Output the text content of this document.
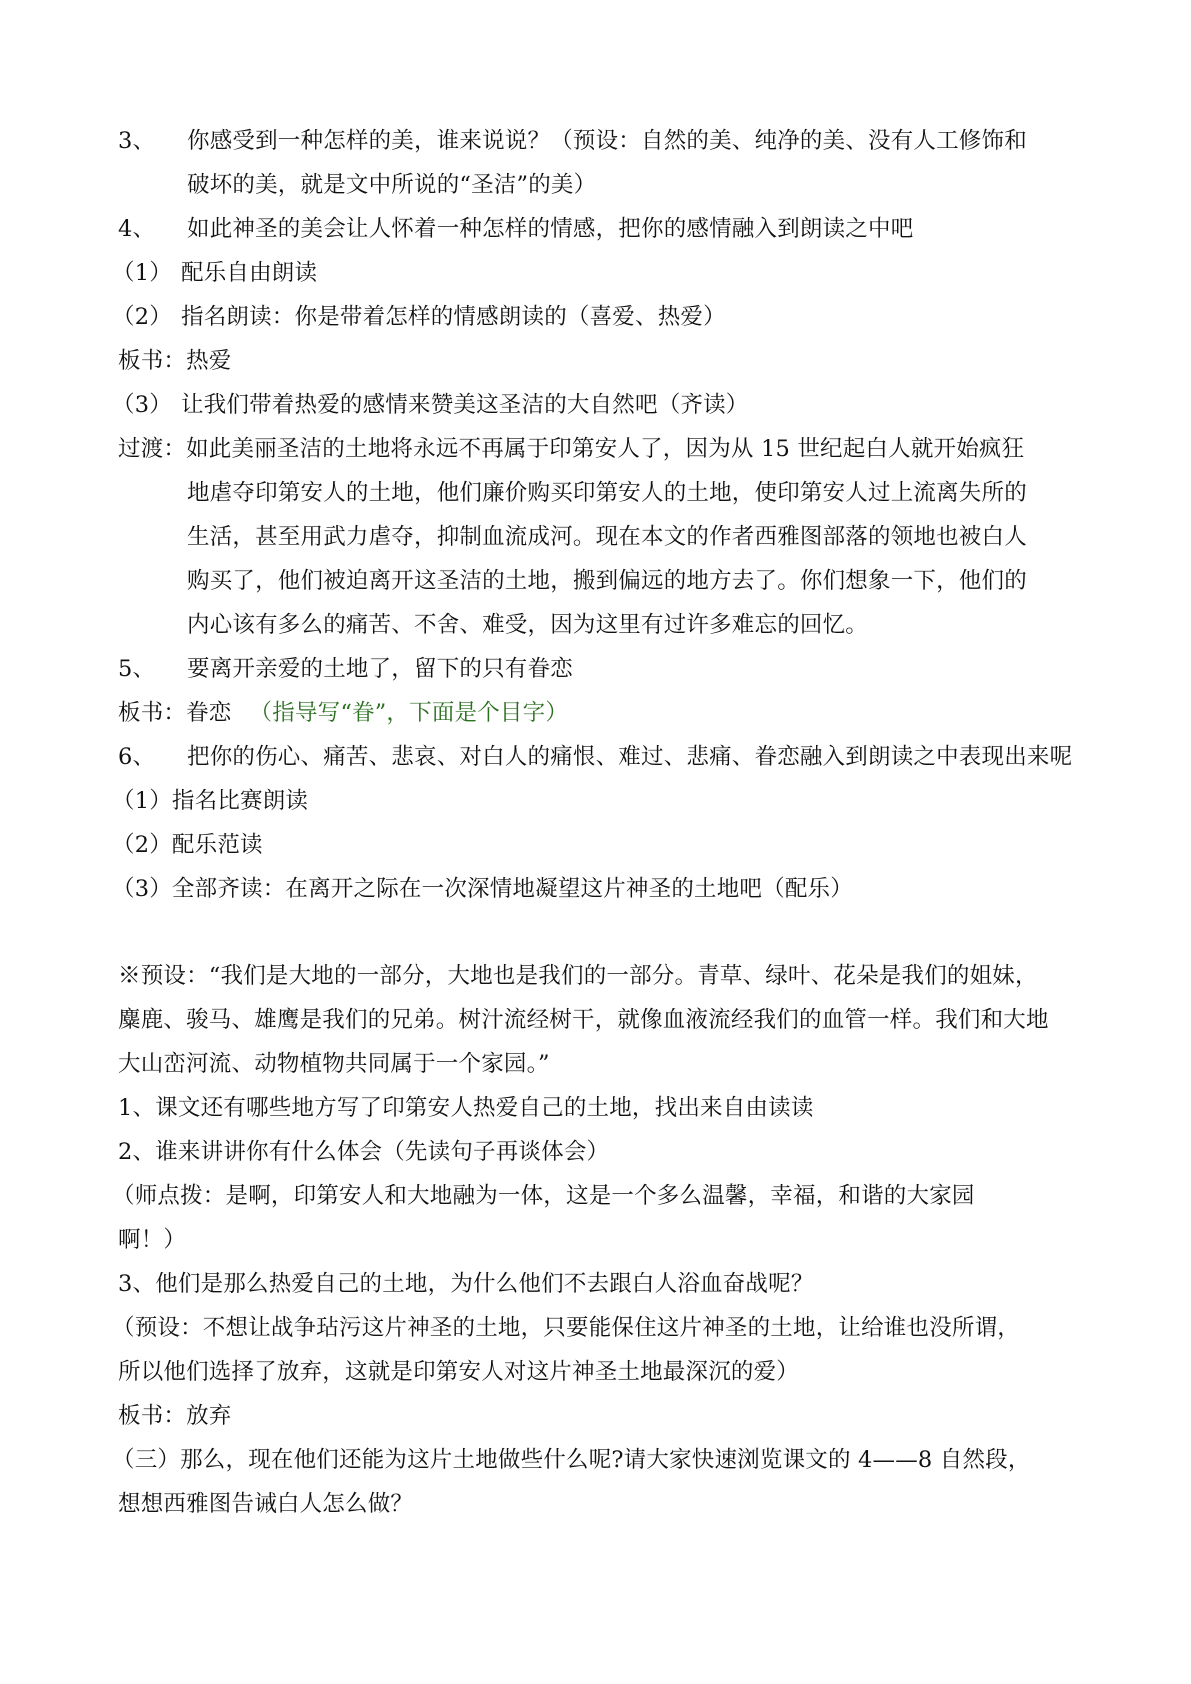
3、 你感受到一种怎样的美，谁来说说？（预设：自然的美、纯净的美、没有人工修饰和
破坏的美，就是文中所说的“圣洁”的美）
4、 如此神圣的美会让人怀着一种怎样的情感，把你的感情融入到朗读之中吧
（1） 配乐自由朗读
（2） 指名朗读：你是带着怎样的情感朗读的（喜爱、热爱）
板书：热爱
（3） 让我们带着热爱的感情来赞美这圣洁的大自然吧（齐读）
过渡：如此美丽圣洁的土地将永远不再属于印第安人了，因为从 15 世纪起白人就开始疯狂
地虐夺印第安人的土地，他们廉价购买印第安人的土地，使印第安人过上流离失所的
生活，甚至用武力虐夺，抑制血流成河。现在本文的作者西雅图部落的领地也被白人
购买了，他们被迫离开这圣洁的土地，搬到偏远的地方去了。你们想象一下，他们的
内心该有多么的痛苦、不舍、难受，因为这里有过许多难忘的回忆。
5、 要离开亲爱的土地了，留下的只有眷恋
板书：眷恋 （指导写“眷”，下面是个目字）
6、 把你的伤心、痛苦、悲哀、对白人的痛恨、难过、悲痛、眷恋融入到朗读之中表现出来呢
（1）指名比赛朗读
（2）配乐范读
（3）全部齐读：在离开之际在一次深情地凝望这片神圣的土地吧（配乐）
※预设：“我们是大地的一部分，大地也是我们的一部分。青草、绿叶、花朵是我们的姐妹，
麋鹿、骏马、雄鹰是我们的兄弟。树汁流经树干，就像血液流经我们的血管一样。我们和大地
大山峦河流、动物植物共同属于一个家园。”
1、课文还有哪些地方写了印第安人热爱自己的土地，找出来自由读读
2、谁来讲讲你有什么体会（先读句子再谈体会）
（师点拨：是啊，印第安人和大地融为一体，这是一个多么温馨，幸福，和谐的大家园
啊！）
3、他们是那么热爱自己的土地，为什么他们不去跟白人浴血奋战呢？
（预设：不想让战争玷污这片神圣的土地，只要能保住这片神圣的土地，让给谁也没所谓，
所以他们选择了放弃，这就是印第安人对这片神圣土地最深沉的爱）
板书：放弃
（三）那么，现在他们还能为这片土地做些什么呢?请大家快速浏览课文的 4——8 自然段，
想想西雅图告诫白人怎么做？
